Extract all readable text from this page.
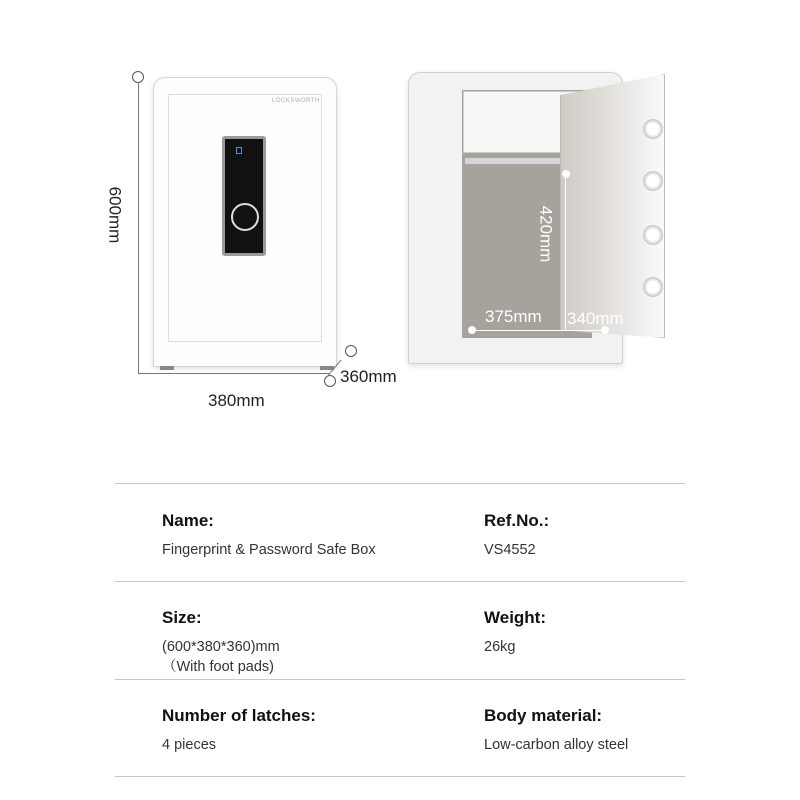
LOCKSWORTH
600mm
380mm
360mm
420mm
375mm 340mm
Name:
Fingerprint & Password Safe Box
Ref.No.:
VS4552
Size:
(600*380*360)mm
（With foot pads)
Weight:
26kg
Number of latches:
4 pieces
Body material:
Low-carbon alloy steel
